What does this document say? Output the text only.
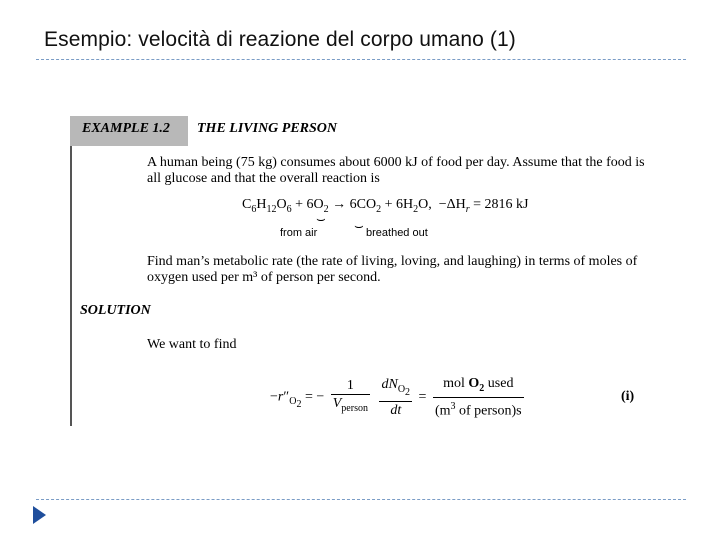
Esempio: velocità di reazione del corpo umano (1)
EXAMPLE 1.2 THE LIVING PERSON
A human being (75 kg) consumes about 6000 kJ of food per day. Assume that the food is all glucose and that the overall reaction is
$C_6H_{12}O_6 + 6O_2 \to 6CO_2 + 6H_2O$,  $-\Delta H_r = 2816$ kJ
⌣ ⌣
from air	breathed out
Find man’s metabolic rate (the rate of living, loving, and laughing) in terms of moles of oxygen used per m³ of person per second.
SOLUTION
We want to find
$-r''_{O_2}$ = − $\frac{1}{V_{person}}$
$\frac{dN_{O_2}}{dt} = \frac{mol O_2 used}{(m^3 of person)s}$	(i)
